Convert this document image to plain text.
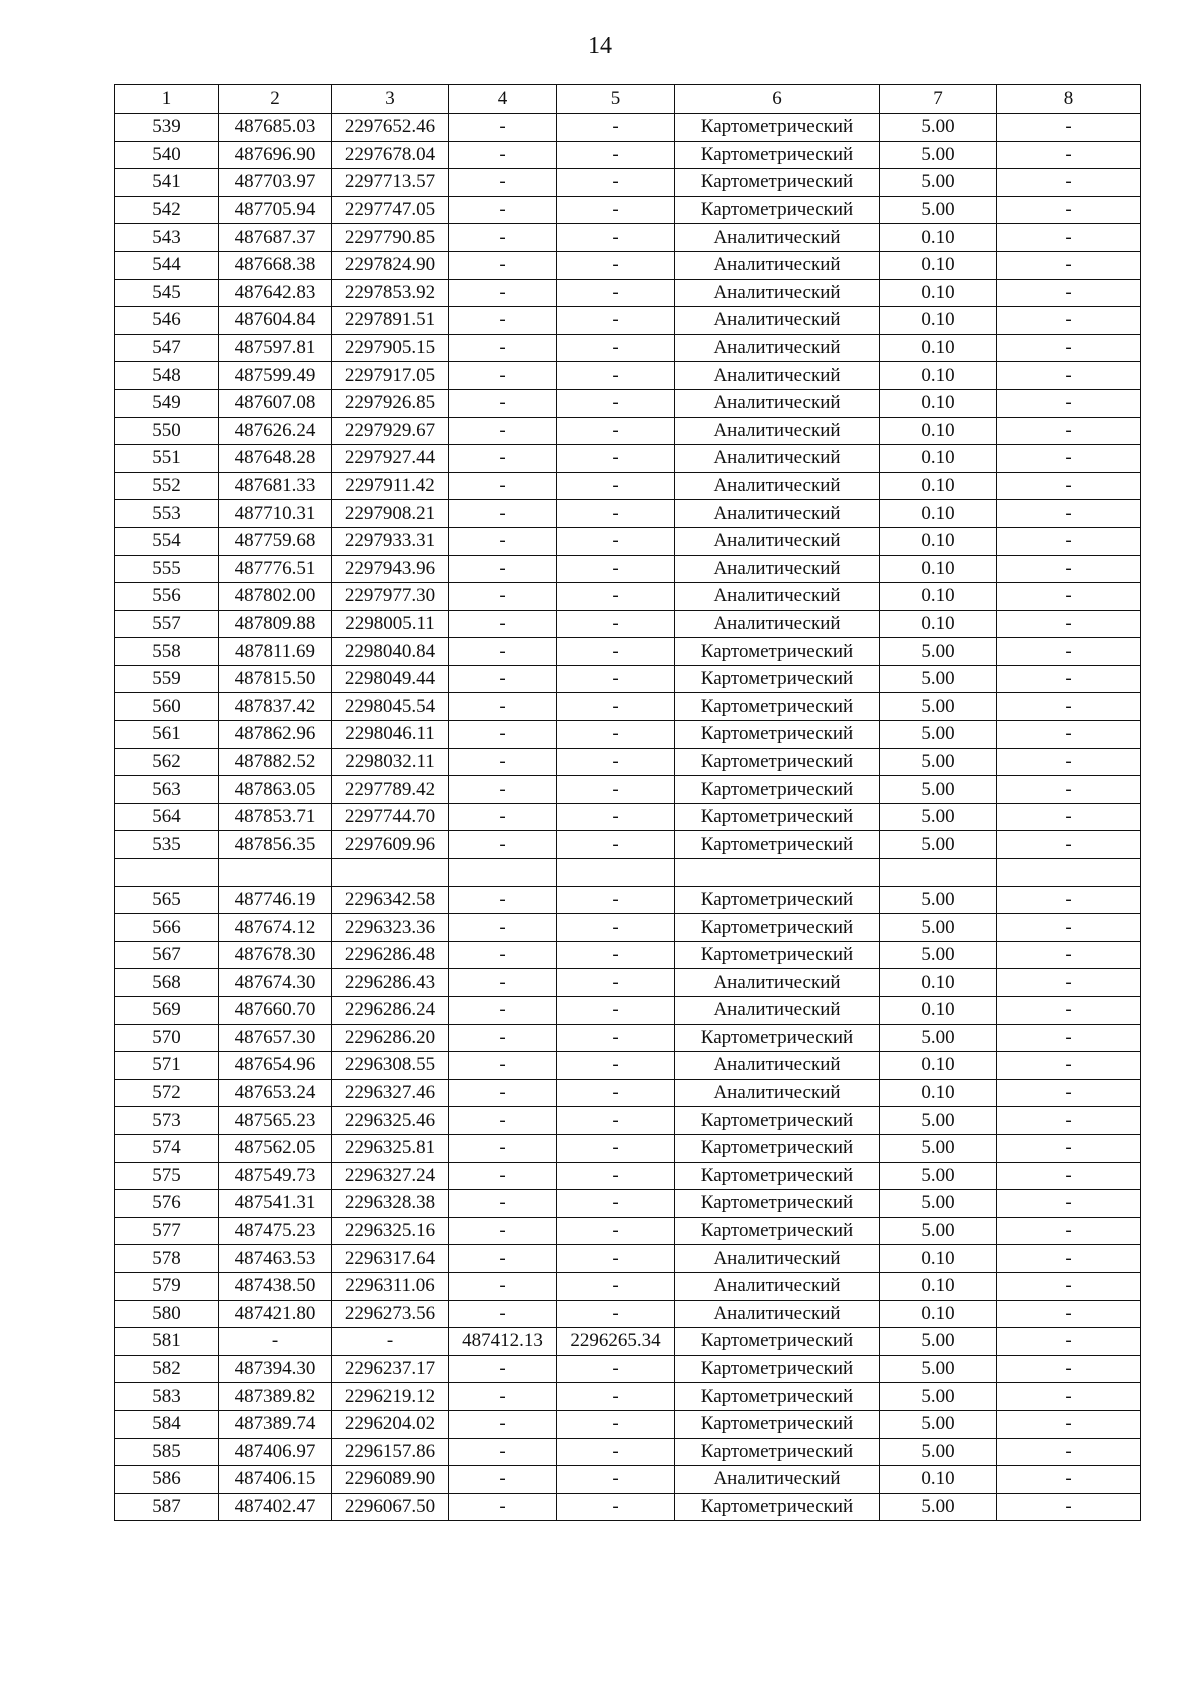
14
1	2	3	4	5	6	7	8
539	487685.03	2297652.46	-	-	Картометрический	5.00	-
540	487696.90	2297678.04	-	-	Картометрический	5.00	-
541	487703.97	2297713.57	-	-	Картометрический	5.00	-
542	487705.94	2297747.05	-	-	Картометрический	5.00	-
543	487687.37	2297790.85	-	-	Аналитический	0.10	-
544	487668.38	2297824.90	-	-	Аналитический	0.10	-
545	487642.83	2297853.92	-	-	Аналитический	0.10	-
546	487604.84	2297891.51	-	-	Аналитический	0.10	-
547	487597.81	2297905.15	-	-	Аналитический	0.10	-
548	487599.49	2297917.05	-	-	Аналитический	0.10	-
549	487607.08	2297926.85	-	-	Аналитический	0.10	-
550	487626.24	2297929.67	-	-	Аналитический	0.10	-
551	487648.28	2297927.44	-	-	Аналитический	0.10	-
552	487681.33	2297911.42	-	-	Аналитический	0.10	-
553	487710.31	2297908.21	-	-	Аналитический	0.10	-
554	487759.68	2297933.31	-	-	Аналитический	0.10	-
555	487776.51	2297943.96	-	-	Аналитический	0.10	-
556	487802.00	2297977.30	-	-	Аналитический	0.10	-
557	487809.88	2298005.11	-	-	Аналитический	0.10	-
558	487811.69	2298040.84	-	-	Картометрический	5.00	-
559	487815.50	2298049.44	-	-	Картометрический	5.00	-
560	487837.42	2298045.54	-	-	Картометрический	5.00	-
561	487862.96	2298046.11	-	-	Картометрический	5.00	-
562	487882.52	2298032.11	-	-	Картометрический	5.00	-
563	487863.05	2297789.42	-	-	Картометрический	5.00	-
564	487853.71	2297744.70	-	-	Картометрический	5.00	-
535	487856.35	2297609.96	-	-	Картометрический	5.00	-

565	487746.19	2296342.58	-	-	Картометрический	5.00	-
566	487674.12	2296323.36	-	-	Картометрический	5.00	-
567	487678.30	2296286.48	-	-	Картометрический	5.00	-
568	487674.30	2296286.43	-	-	Аналитический	0.10	-
569	487660.70	2296286.24	-	-	Аналитический	0.10	-
570	487657.30	2296286.20	-	-	Картометрический	5.00	-
571	487654.96	2296308.55	-	-	Аналитический	0.10	-
572	487653.24	2296327.46	-	-	Аналитический	0.10	-
573	487565.23	2296325.46	-	-	Картометрический	5.00	-
574	487562.05	2296325.81	-	-	Картометрический	5.00	-
575	487549.73	2296327.24	-	-	Картометрический	5.00	-
576	487541.31	2296328.38	-	-	Картометрический	5.00	-
577	487475.23	2296325.16	-	-	Картометрический	5.00	-
578	487463.53	2296317.64	-	-	Аналитический	0.10	-
579	487438.50	2296311.06	-	-	Аналитический	0.10	-
580	487421.80	2296273.56	-	-	Аналитический	0.10	-
581	-	-	487412.13	2296265.34	Картометрический	5.00	-
582	487394.30	2296237.17	-	-	Картометрический	5.00	-
583	487389.82	2296219.12	-	-	Картометрический	5.00	-
584	487389.74	2296204.02	-	-	Картометрический	5.00	-
585	487406.97	2296157.86	-	-	Картометрический	5.00	-
586	487406.15	2296089.90	-	-	Аналитический	0.10	-
587	487402.47	2296067.50	-	-	Картометрический	5.00	-
